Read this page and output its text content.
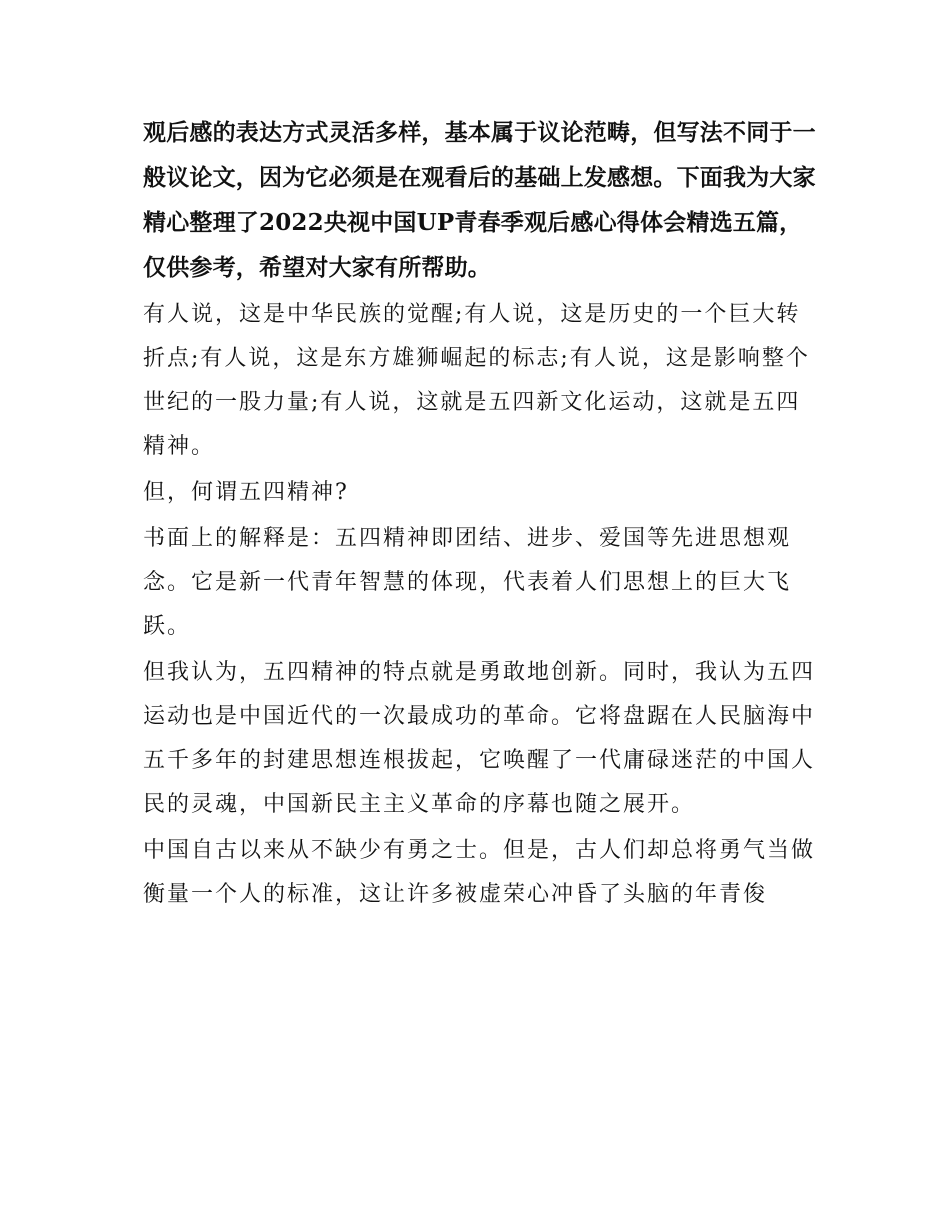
观后感的表达方式灵活多样，基本属于议论范畴，但写法不同于一般议论文，因为它必须是在观看后的基础上发感想。下面我为大家精心整理了2022央视中国UP青春季观后感心得体会精选五篇，仅供参考，希望对大家有所帮助。

有人说，这是中华民族的觉醒;有人说，这是历史的一个巨大转折点;有人说，这是东方雄狮崛起的标志;有人说，这是影响整个世纪的一股力量;有人说，这就是五四新文化运动，这就是五四精神。

但，何谓五四精神?

书面上的解释是：五四精神即团结、进步、爱国等先进思想观念。它是新一代青年智慧的体现，代表着人们思想上的巨大飞跃。

但我认为，五四精神的特点就是勇敢地创新。同时，我认为五四运动也是中国近代的一次最成功的革命。它将盘踞在人民脑海中五千多年的封建思想连根拔起，它唤醒了一代庸碌迷茫的中国人民的灵魂，中国新民主主义革命的序幕也随之展开。

中国自古以来从不缺少有勇之士。但是，古人们却总将勇气当做衡量一个人的标准，这让许多被虚荣心冲昏了头脑的年青俊
